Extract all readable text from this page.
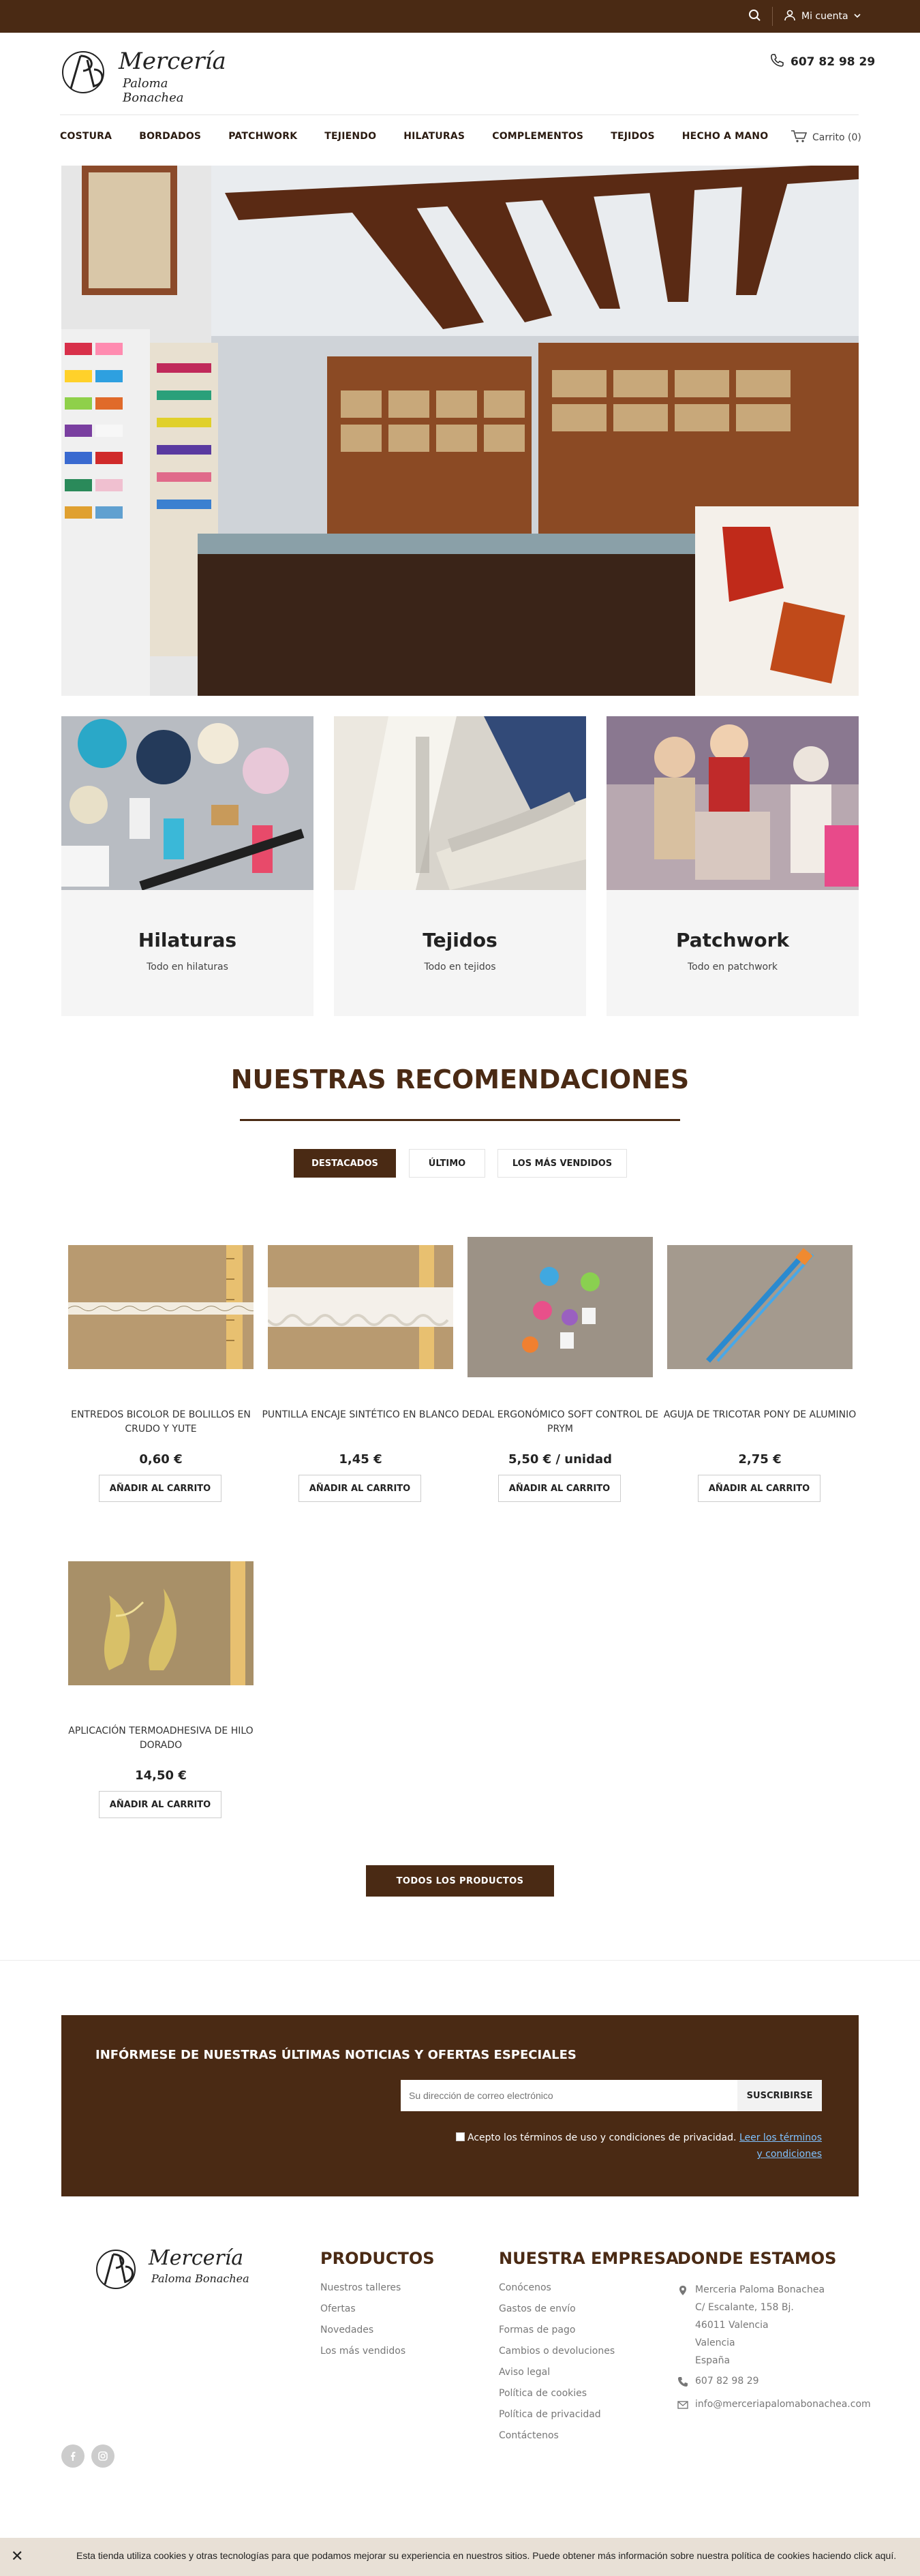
Mi cuenta
Mercería
Paloma Bonachea
607 82 98 29
COSTURA	BORDADOS	PATCHWORK	TEJIENDO	HILATURAS	COMPLEMENTOS	TEJIDOS	HECHO A MANO	Carrito (0)
Hilaturas
Todo en hilaturas
Tejidos
Todo en tejidos
Patchwork
Todo en patchwork
NUESTRAS RECOMENDACIONES
DESTACADOS	ÚLTIMO	LOS MÁS VENDIDOS
ENTREDOS BICOLOR DE BOLILLOS EN CRUDO Y YUTE
0,60 €
AÑADIR AL CARRITO
PUNTILLA ENCAJE SINTÉTICO EN BLANCO
1,45 €
AÑADIR AL CARRITO
DEDAL ERGONÓMICO SOFT CONTROL DE PRYM
5,50 € / unidad
AÑADIR AL CARRITO
AGUJA DE TRICOTAR PONY DE ALUMINIO
2,75 €
AÑADIR AL CARRITO
APLICACIÓN TERMOADHESIVA DE HILO DORADO
14,50 €
AÑADIR AL CARRITO
TODOS LOS PRODUCTOS
INFÓRMESE DE NUESTRAS ÚLTIMAS NOTICIAS Y OFERTAS ESPECIALES
Su dirección de correo electrónico
SUSCRIBIRSE
Acepto los términos de uso y condiciones de privacidad. Leer los términos y condiciones
Mercería
Paloma Bonachea
PRODUCTOS
Nuestros talleres
Ofertas
Novedades
Los más vendidos
NUESTRA EMPRESA
Conócenos
Gastos de envío
Formas de pago
Cambios o devoluciones
Aviso legal
Política de cookies
Política de privacidad
Contáctenos
DONDE ESTAMOS
Merceria Paloma Bonachea
C/ Escalante, 158 Bj.
46011 Valencia
Valencia
España
607 82 98 29
info@merceriapalomabonachea.com
✕	Esta tienda utiliza cookies y otras tecnologías para que podamos mejorar su experiencia en nuestros sitios. Puede obtener más información sobre nuestra política de cookies haciendo click aquí.
